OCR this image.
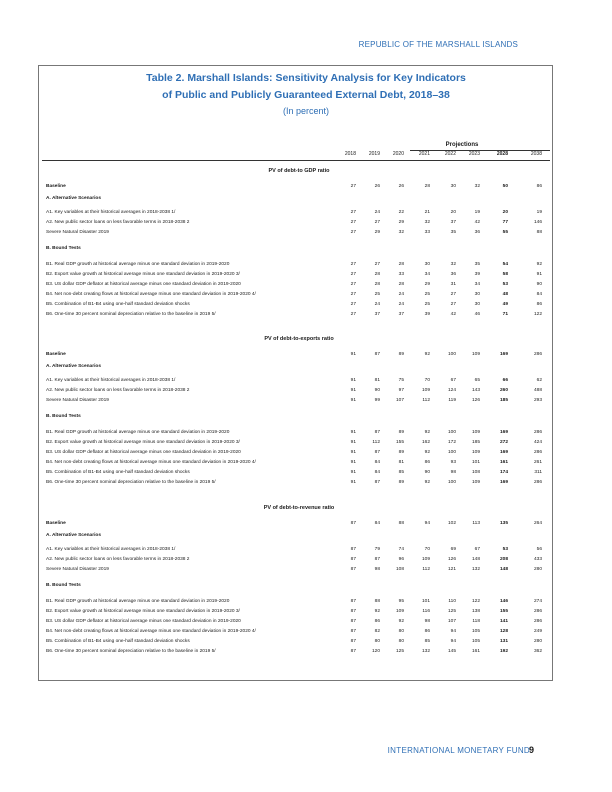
REPUBLIC OF THE MARSHALL ISLANDS
Table 2. Marshall Islands: Sensitivity Analysis for Key Indicators
of Public and Publicly Guaranteed External Debt, 2018–38
(In percent)
Projections
2018	2019	2020	2021	2022	2023	2028	2038
PV of debt-to GDP ratio
Baseline	27	26	26	28	30	32	50	86
A. Alternative Scenarios
A1. Key variables at their historical averages in 2018-2038 1/	27	24	22	21	20	19	20	19
A2. New public sector loans on less favorable terms in 2018-2038 2	27	27	29	32	37	42	77	146
Severe Natural Disaster 2019	27	29	32	33	35	36	55	88
B. Bound Tests
B1. Real GDP growth at historical average minus one standard deviation in 2019-2020	27	27	28	30	32	35	54	92
B2. Export value growth at historical average minus one standard deviation in 2019-2020 3/	27	28	33	34	36	39	58	91
B3. US dollar GDP deflator at historical average minus one standard deviation in 2019-2020	27	28	28	29	31	34	53	90
B4. Net non-debt creating flows at historical average minus one standard deviation in 2019-2020 4/	27	25	24	25	27	30	48	84
B5. Combination of B1-B4 using one-half standard deviation shocks	27	24	24	25	27	30	49	86
B6. One-time 30 percent nominal depreciation relative to the baseline in 2019 5/	27	37	37	39	42	46	71	122
PV of debt-to-exports ratio
Baseline	91	87	89	92	100	109	169	286
A. Alternative Scenarios
A1. Key variables at their historical averages in 2018-2038 1/	91	81	75	70	67	65	66	62
A2. New public sector loans on less favorable terms in 2018-2038 2	91	90	97	109	124	143	260	488
Severe Natural Disaster 2019	91	99	107	112	119	126	185	293
B. Bound Tests
B1. Real GDP growth at historical average minus one standard deviation in 2019-2020	91	87	89	92	100	109	169	286
B2. Export value growth at historical average minus one standard deviation in 2019-2020 3/	91	112	155	162	172	185	272	424
B3. US dollar GDP deflator at historical average minus one standard deviation in 2019-2020	91	87	89	92	100	109	169	286
B4. Net non-debt creating flows at historical average minus one standard deviation in 2019-2020 4/	91	84	81	86	93	101	161	261
B5. Combination of B1-B4 using one-half standard deviation shocks	91	84	85	90	98	108	174	311
B6. One-time 30 percent nominal depreciation relative to the baseline in 2019 5/	91	87	89	92	100	109	169	286
PV of debt-to-revenue ratio
Baseline	87	84	88	94	102	113	135	264
A. Alternative Scenarios
A1. Key variables at their historical averages in 2018-2038 1/	87	79	74	70	69	67	53	56
A2. New public sector loans on less favorable terms in 2018-2038 2	87	87	96	109	126	148	208	433
Severe Natural Disaster 2019	87	98	108	112	121	132	148	280
B. Bound Tests
B1. Real GDP growth at historical average minus one standard deviation in 2019-2020	87	88	95	101	110	122	146	274
B2. Export value growth at historical average minus one standard deviation in 2019-2020 3/	87	92	109	116	125	138	155	286
B3. US dollar GDP deflator at historical average minus one standard deviation in 2019-2020	87	86	92	98	107	118	141	286
B4. Net non-debt creating flows at historical average minus one standard deviation in 2019-2020 4/	87	82	80	86	94	105	128	249
B5. Combination of B1-B4 using one-half standard deviation shocks	87	80	80	85	94	105	131	280
B6. One-time 30 percent nominal depreciation relative to the baseline in 2019 5/	87	120	125	132	145	161	192	362
INTERNATIONAL MONETARY FUND 9
